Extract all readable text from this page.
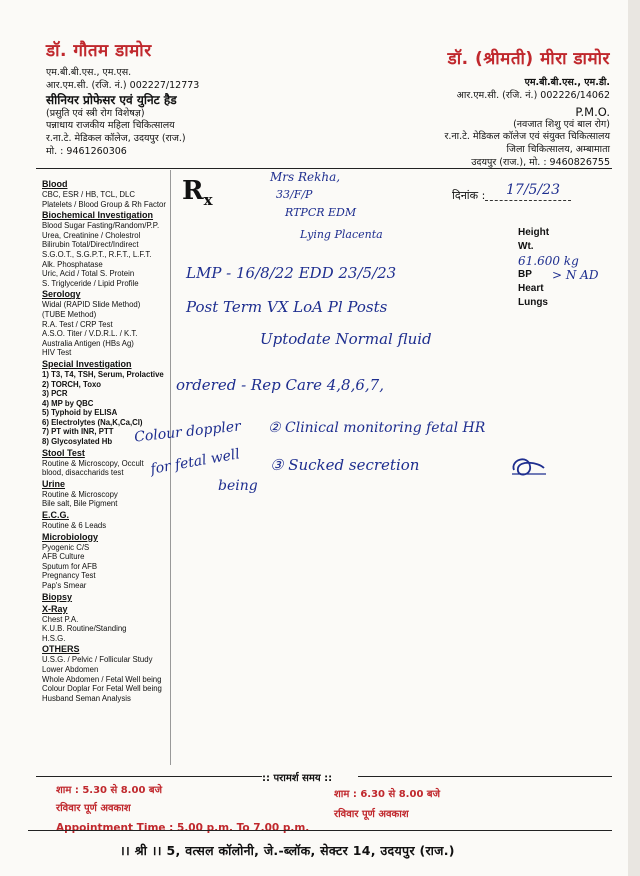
डॉ. गौतम डामोर
एम.बी.बी.एस., एम.एस.
आर.एम.सी. (रजि. नं.) 002227/12773
सीनियर प्रोफेसर एवं युनिट हैड
(प्रसुति एवं स्त्री रोग विशेषज्ञ)
पन्नाधाय राजकीय महिला चिकित्सालय
र.ना.टे. मेडिकल कॉलेज, उदयपुर (राज.)
मो. : 9461260306
डॉ. (श्रीमती) मीरा डामोर
एम.बी.बी.एस., एम.डी.
आर.एम.सी. (रजि. नं.) 002226/14062
P.M.O.
(नवजात शिशु एवं बाल रोग)
र.ना.टे. मेडिकल कॉलेज एवं संयुक्त चिकित्सालय
जिला चिकित्सालय, अम्बामाता
उदयपुर (राज.), मो. : 9460826755
Blood
CBC, ESR / HB, TCL, DLC
Platelets / Blood Group & Rh Factor
Biochemical Investigation
Blood Sugar Fasting/Random/P.P.
Urea, Creatinine / Cholestrol
Bilirubin Total/Direct/Indirect
S.G.O.T., S.G.P.T., R.F.T., L.F.T.
Alk. Phosphatase
Uric, Acid / Total S. Protein
S. Triglyceride / Lipid Profile
Serology
Widal (RAPID Slide Method)
(TUBE Method)
R.A. Test / CRP Test
A.S.O. Titer / V.D.R.L. / K.T.
Australia Antigen (HBs Ag)
HIV Test
Special Investigation
1) T3, T4, TSH, Serum, Prolactive
2) TORCH, Toxo
3) PCR
4) MP by QBC
5) Typhoid by ELISA
6) Electrolytes (Na,K,Ca,Cl)
7) PT with INR, PTT
8) Glycosylated Hb
Stool Test
Routine & Microscopy, Occult
blood, disaccharids test
Urine
Routine & Microscopy
Bile salt, Bile Pigment
E.C.G.
Routine & 6 Leads
Microbiology
Pyogenic C/S
AFB Culture
Sputum for AFB
Pregnancy Test
Pap's Smear
Biopsy
X-Ray
Chest P.A.
K.U.B. Routine/Standing
H.S.G.
OTHERS
U.S.G. / Pelvic / Follicular Study
Lower Abdomen
Whole Abdomen / Fetal Well being
Colour Doplar For Fetal Well being
Husband Seman Analysis
$R_x$	दिनांक : 17/5/23
Height
Wt.
61.600 kg
BP
Heart
Lungs
> N AD
Mrs Rekha,
33/F/P
RTPCR EDM
Lying Placenta
LMP - 16/8/22 EDD 23/5/23
Post Term VX LoA Pl Posts
Uptodate Normal fluid
ordered - Rep Care 4,8,6,7,
② Clinical monitoring fetal HR
Colour doppler
for fetal well
being
③ Sucked secretion
:: परामर्श समय ::
शाम : 5.30 से 8.00 बजे
रविवार पूर्ण अवकाश
Appointment Time : 5.00 p.m. To 7.00 p.m.
शाम : 6.30 से 8.00 बजे
रविवार पूर्ण अवकाश
।। श्री ।। 5, वत्सल कॉलोनी, जे.-ब्लॉक, सेक्टर 14, उदयपुर (राज.)
